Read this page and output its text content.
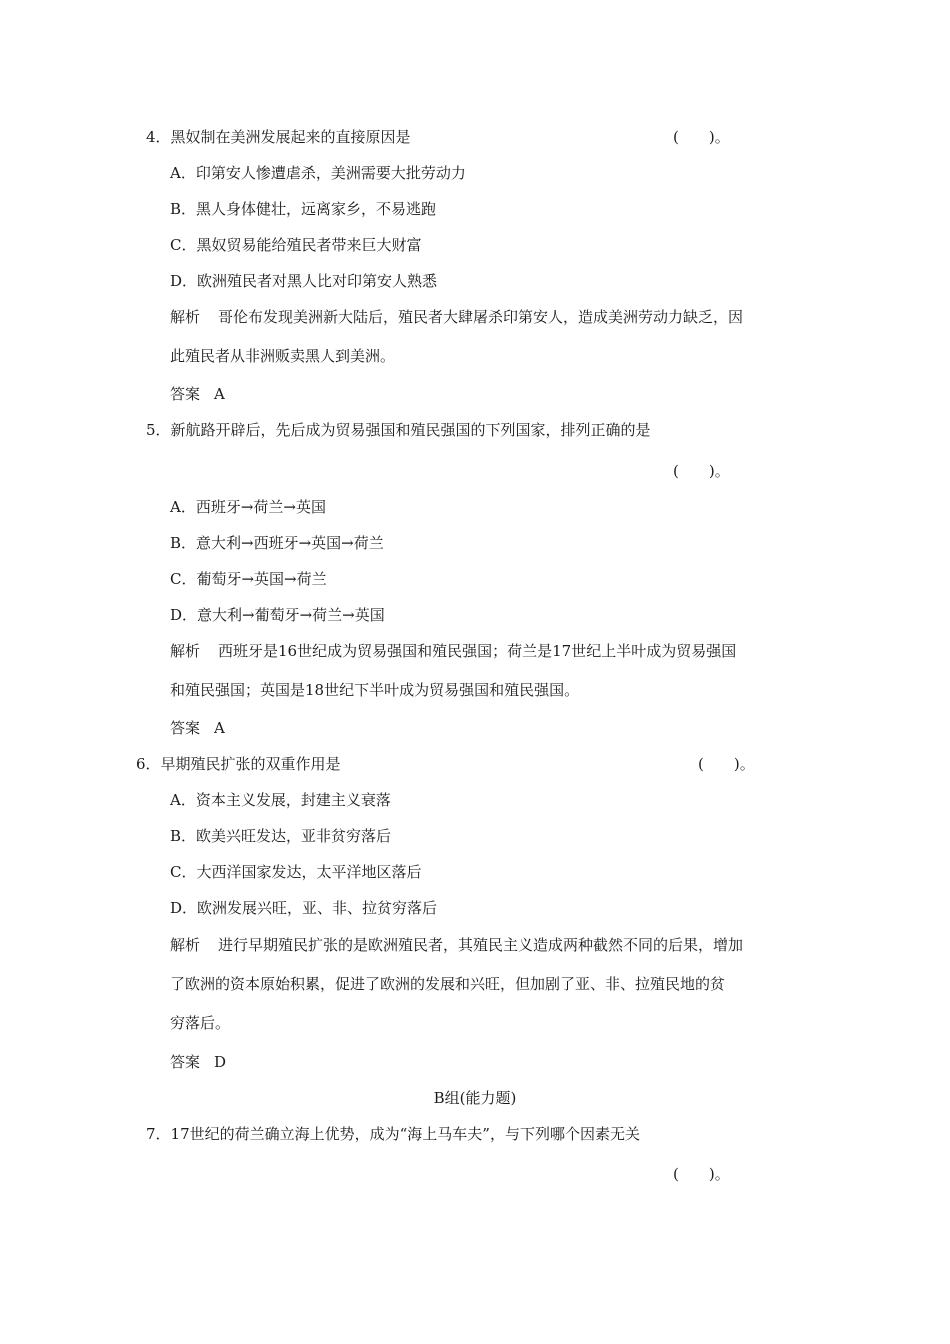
4．黑奴制在美洲发展起来的直接原因是	(　　)。
A．印第安人惨遭虐杀，美洲需要大批劳动力
B．黑人身体健壮，远离家乡，不易逃跑
C．黑奴贸易能给殖民者带来巨大财富
D．欧洲殖民者对黑人比对印第安人熟悉
解析 哥伦布发现美洲新大陆后，殖民者大肆屠杀印第安人，造成美洲劳动力缺乏，因
此殖民者从非洲贩卖黑人到美洲。
答案 A
5．新航路开辟后，先后成为贸易强国和殖民强国的下列国家，排列正确的是
(　　)。
A．西班牙→荷兰→英国
B．意大利→西班牙→英国→荷兰
C．葡萄牙→英国→荷兰
D．意大利→葡萄牙→荷兰→英国
解析 西班牙是16世纪成为贸易强国和殖民强国；荷兰是17世纪上半叶成为贸易强国
和殖民强国；英国是18世纪下半叶成为贸易强国和殖民强国。
答案 A
6．早期殖民扩张的双重作用是	(　　)。
A．资本主义发展，封建主义衰落
B．欧美兴旺发达，亚非贫穷落后
C．大西洋国家发达，太平洋地区落后
D．欧洲发展兴旺，亚、非、拉贫穷落后
解析 进行早期殖民扩张的是欧洲殖民者，其殖民主义造成两种截然不同的后果，增加
了欧洲的资本原始积累，促进了欧洲的发展和兴旺，但加剧了亚、非、拉殖民地的贫
穷落后。
答案 D
B组(能力题)
7．17世纪的荷兰确立海上优势，成为“海上马车夫”，与下列哪个因素无关
(　　)。
